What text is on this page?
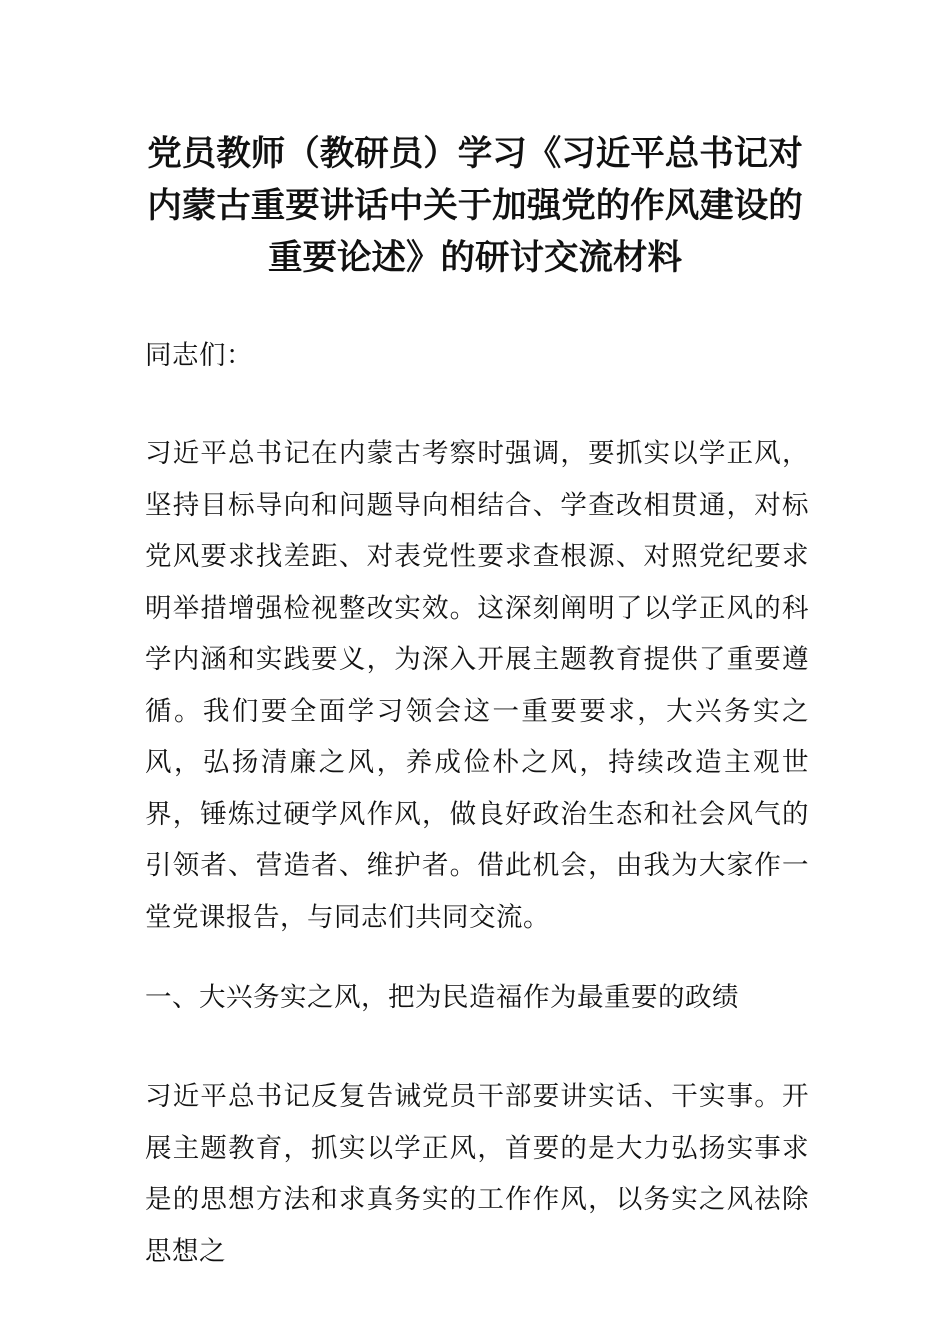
党员教师（教研员）学习《习近平总书记对内蒙古重要讲话中关于加强党的作风建设的重要论述》的研讨交流材料

同志们：

习近平总书记在内蒙古考察时强调，要抓实以学正风，坚持目标导向和问题导向相结合、学查改相贯通，对标党风要求找差距、对表党性要求查根源、对照党纪要求明举措增强检视整改实效。这深刻阐明了以学正风的科学内涵和实践要义，为深入开展主题教育提供了重要遵循。我们要全面学习领会这一重要要求，大兴务实之风，弘扬清廉之风，养成俭朴之风，持续改造主观世界，锤炼过硬学风作风，做良好政治生态和社会风气的引领者、营造者、维护者。借此机会，由我为大家作一堂党课报告，与同志们共同交流。

一、大兴务实之风，把为民造福作为最重要的政绩

习近平总书记反复告诫党员干部要讲实话、干实事。开展主题教育，抓实以学正风，首要的是大力弘扬实事求是的思想方法和求真务实的工作作风，以务实之风祛除思想之
